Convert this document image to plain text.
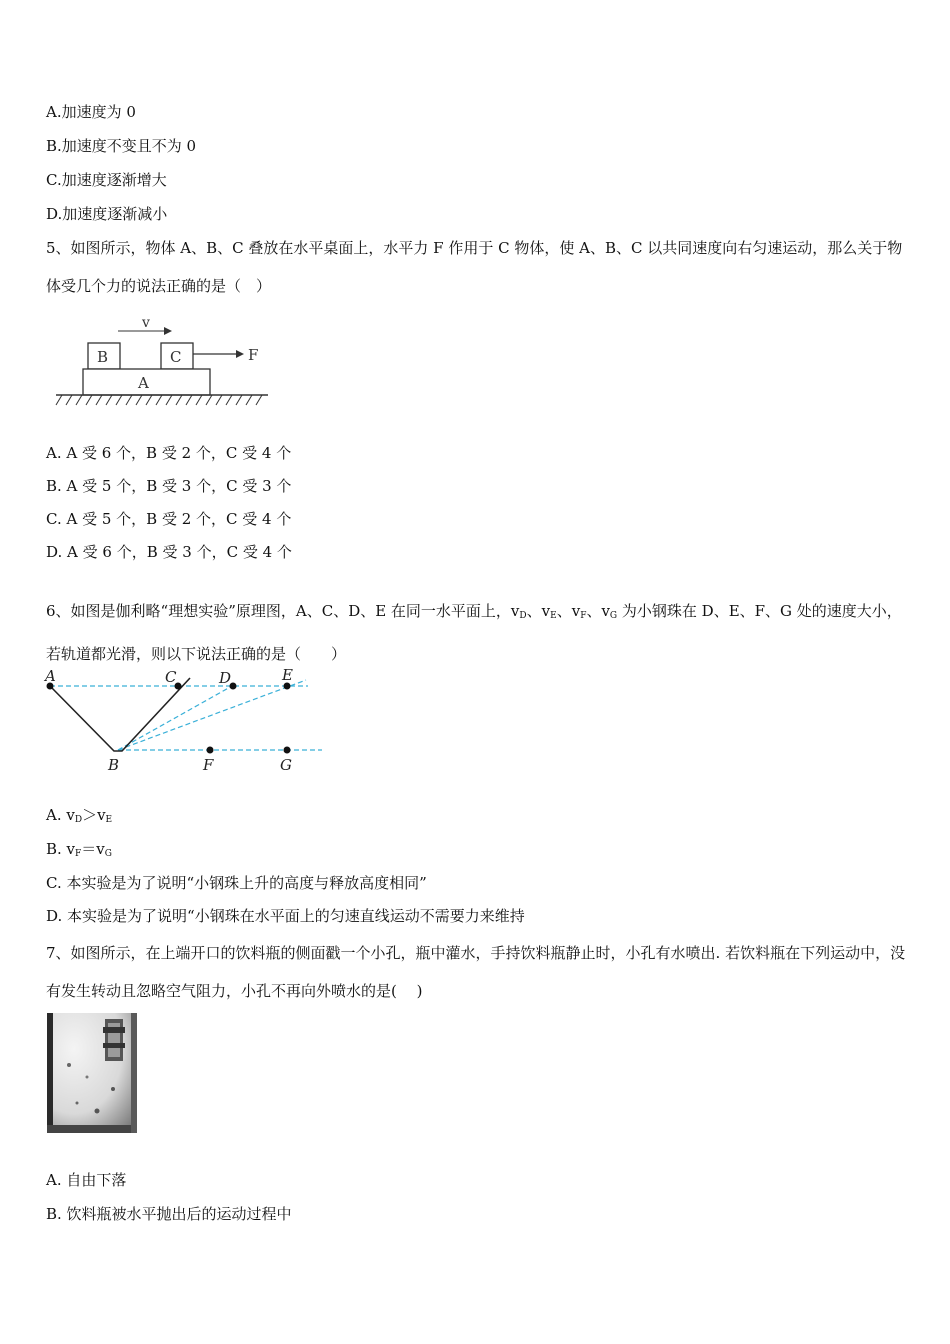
A.加速度为 0
B.加速度不变且不为 0
C.加速度逐渐增大
D.加速度逐渐减小
5、如图所示，物体 A、B、C 叠放在水平桌面上，水平力 F 作用于 C 物体，使 A、B、C 以共同速度向右匀速运动，那么关于物体受几个力的说法正确的是（　）
v
B	C	F
A
A. A 受 6 个，B 受 2 个，C 受 4 个
B. A 受 5 个，B 受 3 个，C 受 3 个
C. A 受 5 个，B 受 2 个，C 受 4 个
D. A 受 6 个，B 受 3 个，C 受 4 个
6、如图是伽利略“理想实验”原理图，A、C、D、E 在同一水平面上，$v_D$、$v_E$、$v_F$、$v_G$ 为小钢珠在 D、E、F、G 处的速度大小，若轨道都光滑，则以下说法正确的是（　　）
A	C	D	E
B	F	G
A. $v_D>v_E$
B. $v_F=v_G$
C. 本实验是为了说明“小钢珠上升的高度与释放高度相同”
D. 本实验是为了说明“小钢珠在水平面上的匀速直线运动不需要力来维持
7、如图所示，在上端开口的饮料瓶的侧面戳一个小孔，瓶中灌水，手持饮料瓶静止时，小孔有水喷出. 若饮料瓶在下列运动中，没有发生转动且忽略空气阻力，小孔不再向外喷水的是(　 )
A. 自由下落
B. 饮料瓶被水平抛出后的运动过程中
